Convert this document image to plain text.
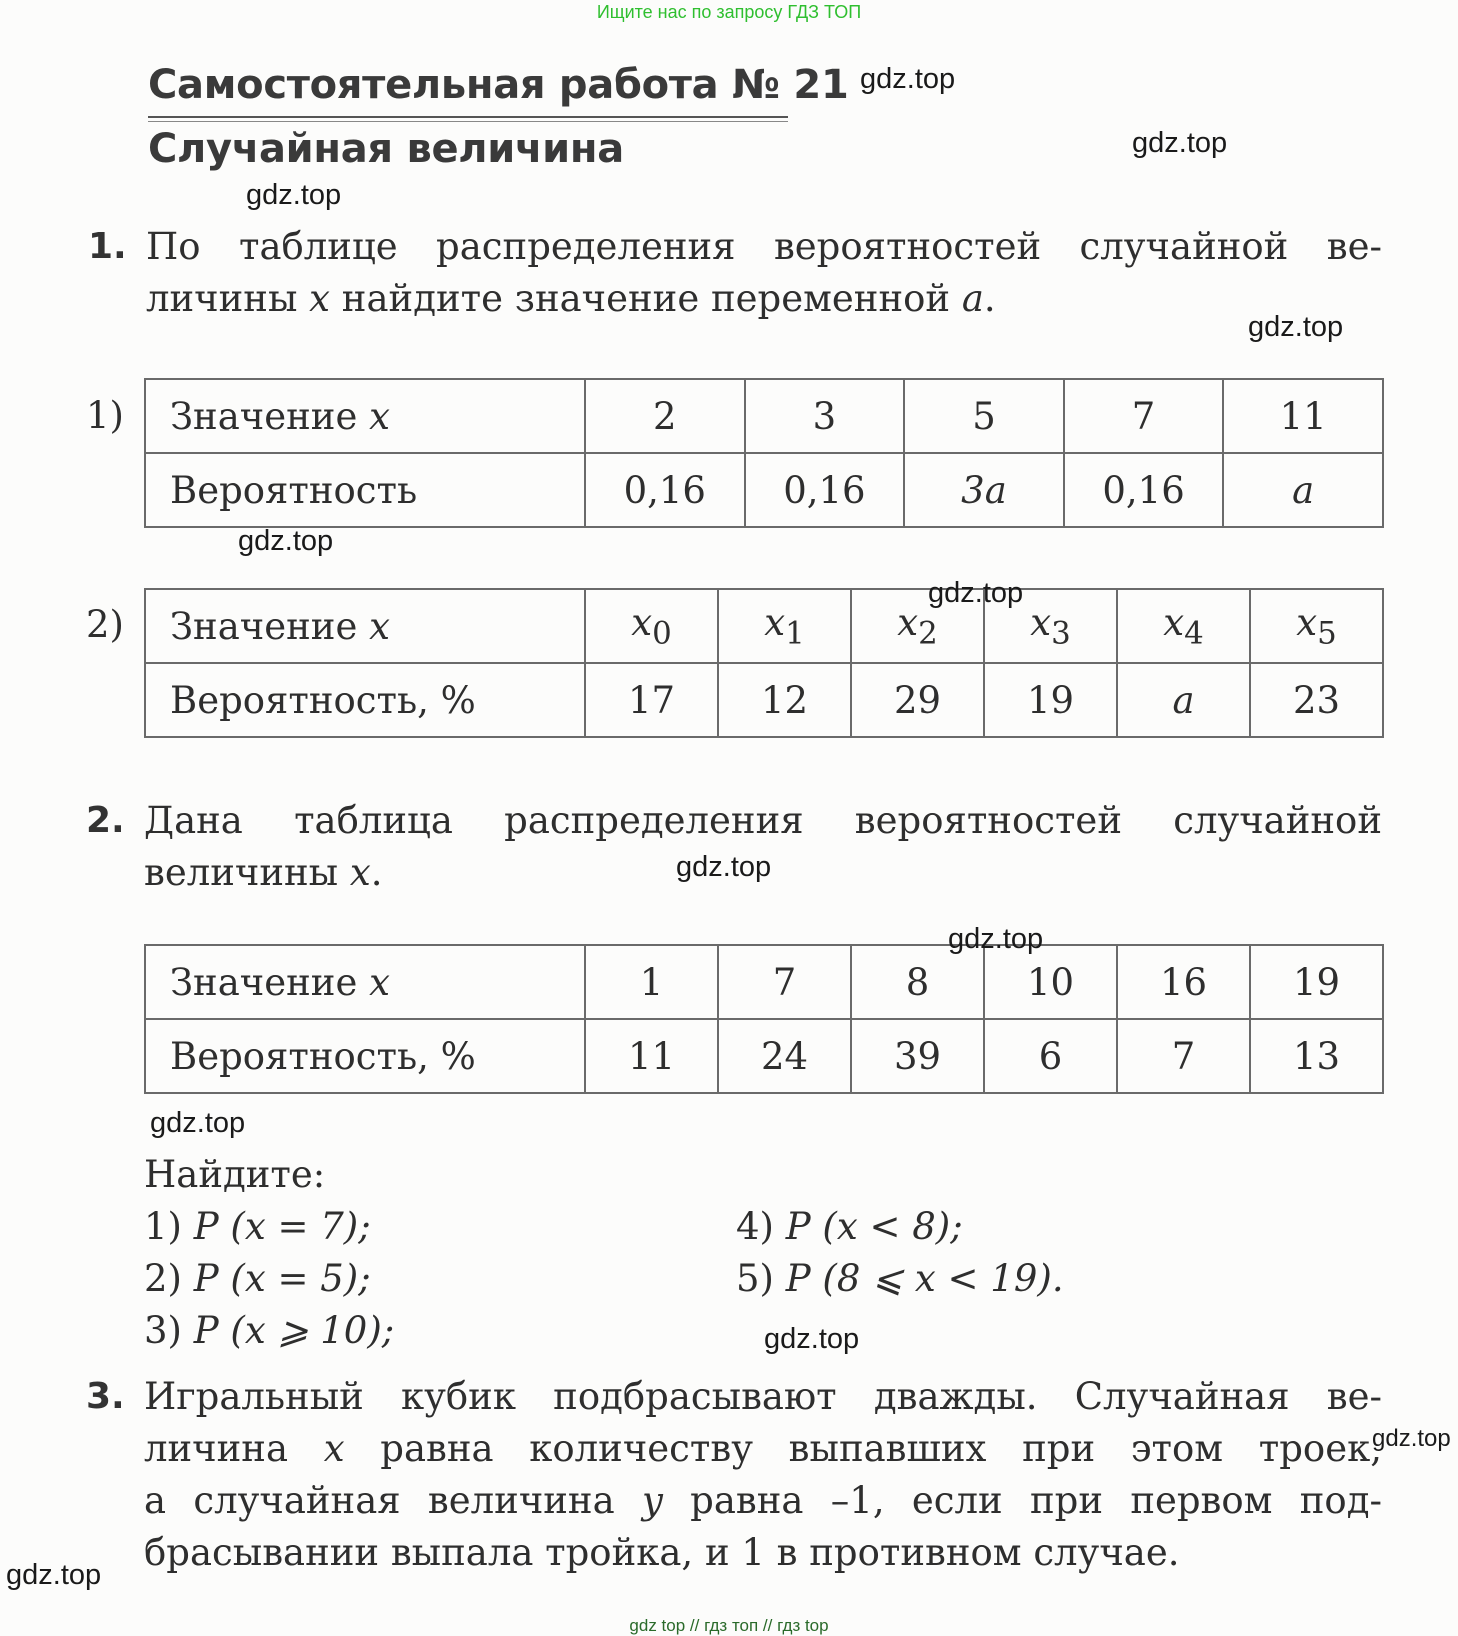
Ищите нас по запросу ГДЗ ТОП
Самостоятельная работа № 21
Случайная величина
1. По таблице распределения вероятностей случайной ве-
личины x найдите значение переменной a.
1) Значение x	2	3	5	7	11
Вероятность	0,16	0,16	3a	0,16	a
2) Значение x	$x_0$	$x_1$	$x_2$	$x_3$	$x_4$	$x_5$
Вероятность, %	17	12	29	19	a	23
2. Дана таблица распределения вероятностей случайной
величины x.
Значение x	1	7	8	10	16	19
Вероятность, %	11	24	39	6	7	13
Найдите:
1) P (x = 7);
2) P (x = 5);
3) P (x ⩾ 10);
4) P (x < 8);
5) P (8 ⩽ x < 19).
3. Игральный кубик подбрасывают дважды. Случайная ве-
личина x равна количеству выпавших при этом троек,
а случайная величина y равна –1, если при первом под-
брасывании выпала тройка, и 1 в противном случае.
gdz.top
gdz.top
gdz.top
gdz.top
gdz.top
gdz.top
gdz.top
gdz.top
gdz.top
gdz.top
gdz.top
gdz.top
gdz top // гдз топ // гдз top
